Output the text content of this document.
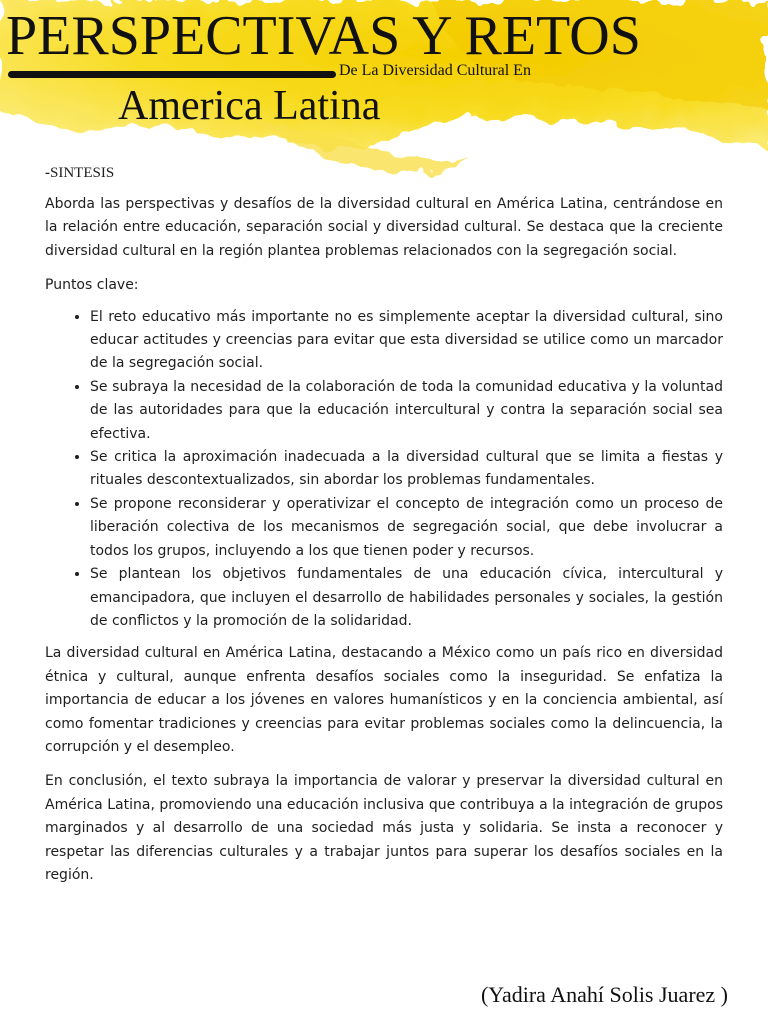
PERSPECTIVAS Y RETOS
De La Diversidad Cultural En
America Latina
-SINTESIS

Aborda las perspectivas y desafíos de la diversidad cultural en América Latina, centrándose en la relación entre educación, separación social y diversidad cultural. Se destaca que la creciente diversidad cultural en la región plantea problemas relacionados con la segregación social.

Puntos clave:

• El reto educativo más importante no es simplemente aceptar la diversidad cultural, sino educar actitudes y creencias para evitar que esta diversidad se utilice como un marcador de la segregación social.
• Se subraya la necesidad de la colaboración de toda la comunidad educativa y la voluntad de las autoridades para que la educación intercultural y contra la separación social sea efectiva.
• Se critica la aproximación inadecuada a la diversidad cultural que se limita a fiestas y rituales descontextualizados, sin abordar los problemas fundamentales.
• Se propone reconsiderar y operativizar el concepto de integración como un proceso de liberación colectiva de los mecanismos de segregación social, que debe involucrar a todos los grupos, incluyendo a los que tienen poder y recursos.
• Se plantean los objetivos fundamentales de una educación cívica, intercultural y emancipadora, que incluyen el desarrollo de habilidades personales y sociales, la gestión de conflictos y la promoción de la solidaridad.

La diversidad cultural en América Latina, destacando a México como un país rico en diversidad étnica y cultural, aunque enfrenta desafíos sociales como la inseguridad. Se enfatiza la importancia de educar a los jóvenes en valores humanísticos y en la conciencia ambiental, así como fomentar tradiciones y creencias para evitar problemas sociales como la delincuencia, la corrupción y el desempleo.

En conclusión, el texto subraya la importancia de valorar y preservar la diversidad cultural en América Latina, promoviendo una educación inclusiva que contribuya a la integración de grupos marginados y al desarrollo de una sociedad más justa y solidaria. Se insta a reconocer y respetar las diferencias culturales y a trabajar juntos para superar los desafíos sociales en la región.

(Yadira Anahí Solis Juarez )
